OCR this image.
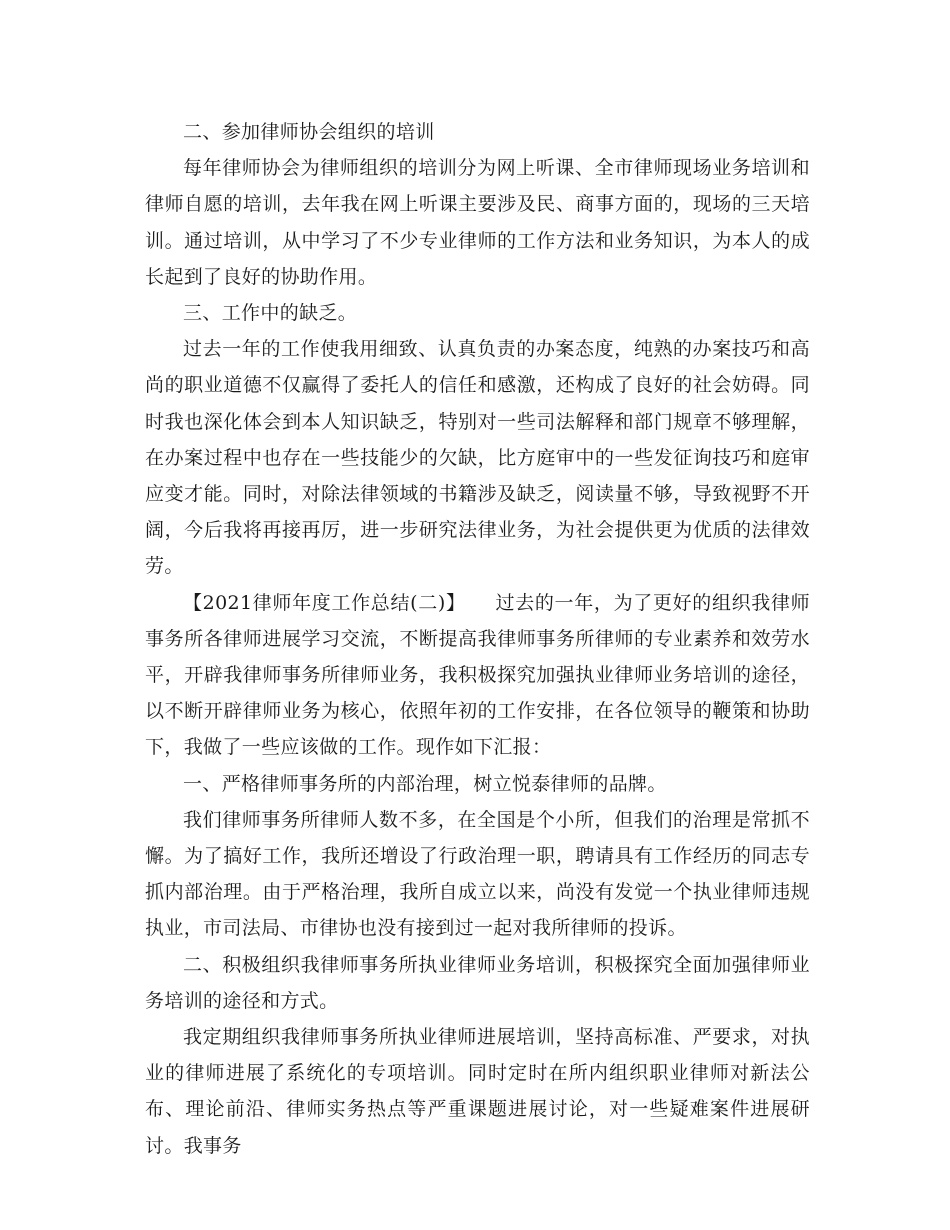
二、参加律师协会组织的培训

每年律师协会为律师组织的培训分为网上听课、全市律师现场业务培训和律师自愿的培训，去年我在网上听课主要涉及民、商事方面的，现场的三天培训。通过培训，从中学习了不少专业律师的工作方法和业务知识，为本人的成长起到了良好的协助作用。

三、工作中的缺乏。

过去一年的工作使我用细致、认真负责的办案态度，纯熟的办案技巧和高尚的职业道德不仅赢得了委托人的信任和感激，还构成了良好的社会妨碍。同时我也深化体会到本人知识缺乏，特别对一些司法解释和部门规章不够理解，在办案过程中也存在一些技能少的欠缺，比方庭审中的一些发征询技巧和庭审应变才能。同时，对除法律领域的书籍涉及缺乏，阅读量不够，导致视野不开阔，今后我将再接再厉，进一步研究法律业务，为社会提供更为优质的法律效劳。

【2021律师年度工作总结(二)】　　过去的一年，为了更好的组织我律师事务所各律师进展学习交流，不断提高我律师事务所律师的专业素养和效劳水平，开辟我律师事务所律师业务，我积极探究加强执业律师业务培训的途径，以不断开辟律师业务为核心，依照年初的工作安排，在各位领导的鞭策和协助下，我做了一些应该做的工作。现作如下汇报：

一、严格律师事务所的内部治理，树立悦泰律师的品牌。

我们律师事务所律师人数不多，在全国是个小所，但我们的治理是常抓不懈。为了搞好工作，我所还增设了行政治理一职，聘请具有工作经历的同志专抓内部治理。由于严格治理，我所自成立以来，尚没有发觉一个执业律师违规执业，市司法局、市律协也没有接到过一起对我所律师的投诉。

二、积极组织我律师事务所执业律师业务培训，积极探究全面加强律师业务培训的途径和方式。

我定期组织我律师事务所执业律师进展培训，坚持高标准、严要求，对执业的律师进展了系统化的专项培训。同时定时在所内组织职业律师对新法公布、理论前沿、律师实务热点等严重课题进展讨论，对一些疑难案件进展研讨。我事务
